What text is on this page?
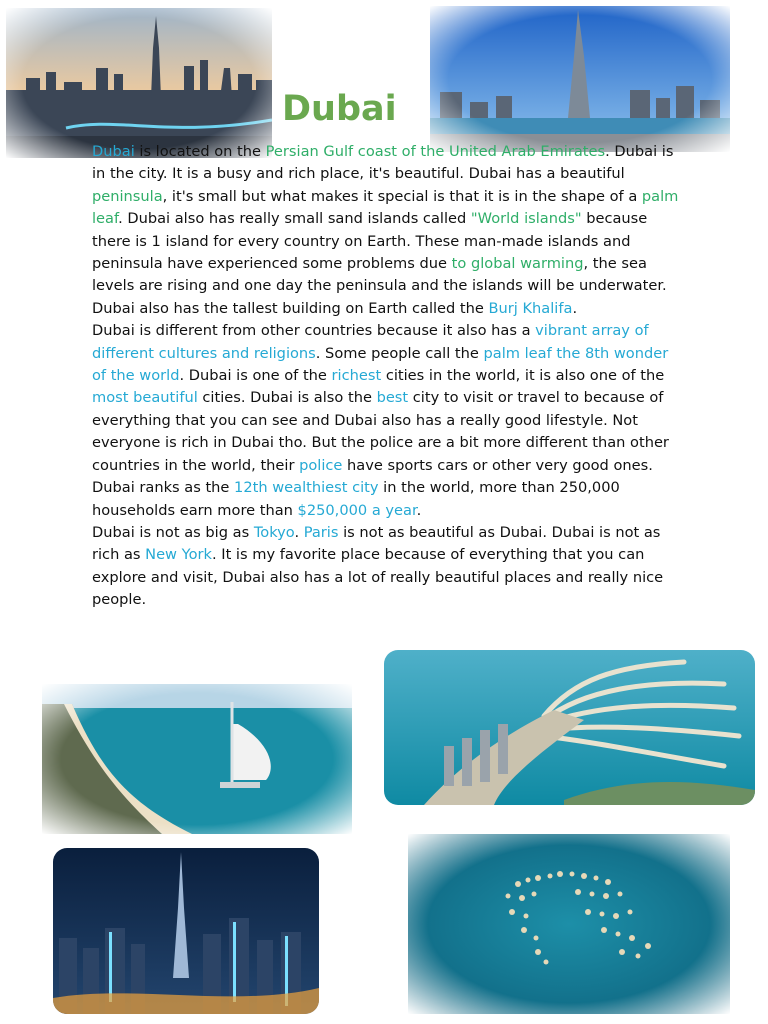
Dubai

Dubai is located on the Persian Gulf coast of the United Arab Emirates. Dubai is in the city. It is a busy and rich place, it's beautiful. Dubai has a beautiful peninsula, it's small but what makes it special is that it is in the shape of a palm leaf. Dubai also has really small sand islands called "World islands" because there is 1 island for every country on Earth. These man-made islands and peninsula have experienced some problems due to global warming, the sea levels are rising and one day the peninsula and the islands will be underwater. Dubai also has the tallest building on Earth called the Burj Khalifa.

Dubai is different from other countries because it also has a vibrant array of different cultures and religions. Some people call the palm leaf the 8th wonder of the world. Dubai is one of the richest cities in the world, it is also one of the most beautiful cities. Dubai is also the best city to visit or travel to because of everything that you can see and Dubai also has a really good lifestyle. Not everyone is rich in Dubai tho. But the police are a bit more different than other countries in the world, their police have sports cars or other very good ones. Dubai ranks as the 12th wealthiest city in the world, more than 250,000 households earn more than $250,000 a year.

Dubai is not as big as Tokyo. Paris is not as beautiful as Dubai. Dubai is not as rich as New York. It is my favorite place because of everything that you can explore and visit, Dubai also has a lot of really beautiful places and really nice people.
